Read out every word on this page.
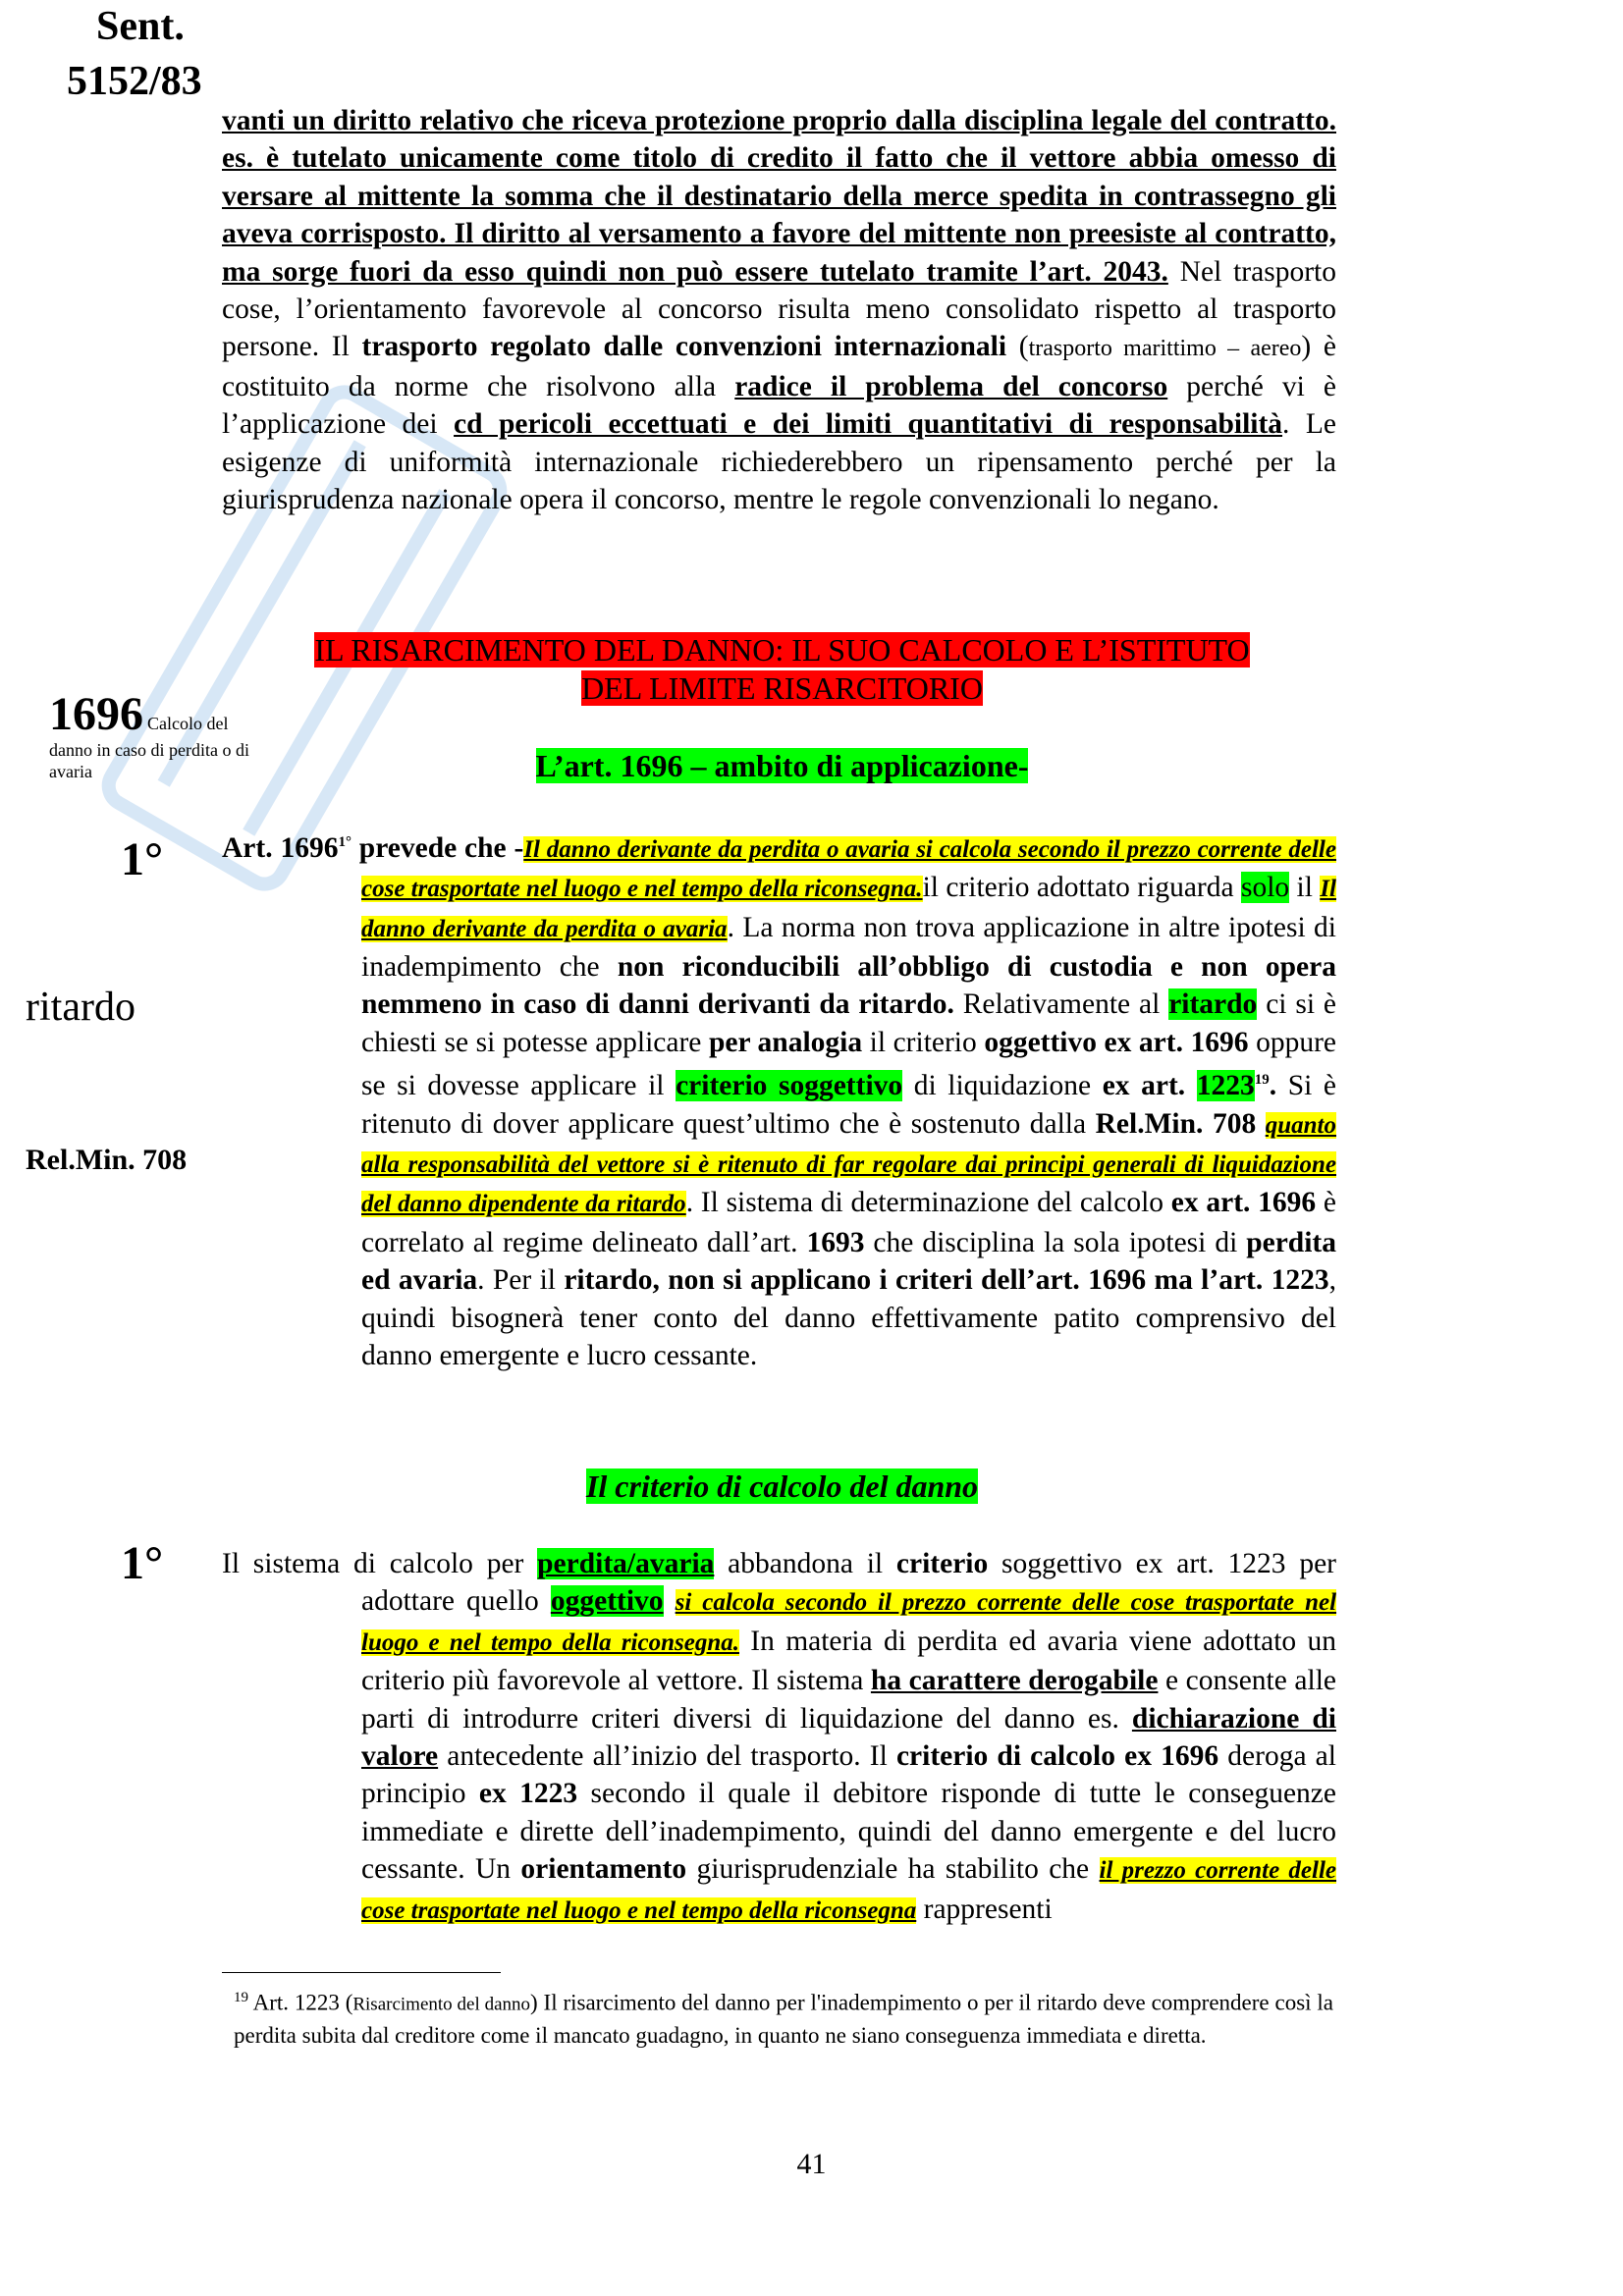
Sent.
5152/83
1696 Calcolo del
danno in caso di perdita o di avaria
1°
ritardo
Rel.Min. 708
1°

vanti un diritto relativo che riceva protezione proprio dalla disciplina legale del contratto. es. è tutelato unicamente come titolo di credito il fatto che il vettore abbia omesso di versare al mittente la somma che il destinatario della merce spedita in contrassegno gli aveva corrisposto. Il diritto al versamento a favore del mittente non preesiste al contratto, ma sorge fuori da esso quindi non può essere tutelato tramite l’art. 2043. Nel trasporto cose, l’orientamento favorevole al concorso risulta meno consolidato rispetto al trasporto persone. Il trasporto regolato dalle convenzioni internazionali (trasporto marittimo – aereo) è costituito da norme che risolvono alla radice il problema del concorso perché vi è l’applicazione dei cd pericoli eccettuati e dei limiti quantitativi di responsabilità. Le esigenze di uniformità internazionale richiederebbero un ripensamento perché per la giurisprudenza nazionale opera il concorso, mentre le regole convenzionali lo negano.

IL RISARCIMENTO DEL DANNO: IL SUO CALCOLO E L’ISTITUTO
DEL LIMITE RISARCITORIO
L’art. 1696 – ambito di applicazione-

Art. $1696^{1^\circ}$ prevede che -Il danno derivante da perdita o avaria si calcola secondo il prezzo corrente delle cose trasportate nel luogo e nel tempo della riconsegna.il criterio adottato riguarda solo il Il danno derivante da perdita o avaria. La norma non trova applicazione in altre ipotesi di inadempimento che non riconducibili all’obbligo di custodia e non opera nemmeno in caso di danni derivanti da ritardo. Relativamente al ritardo ci si è chiesti se si potesse applicare per analogia il criterio oggettivo ex art. 1696 oppure se si dovesse applicare il criterio soggettivo di liquidazione ex art. 1223$^{19}$. Si è ritenuto di dover applicare quest’ultimo che è sostenuto dalla Rel.Min. 708 quanto alla responsabilità del vettore si è ritenuto di far regolare dai principi generali di liquidazione del danno dipendente da ritardo. Il sistema di determinazione del calcolo ex art. 1696 è correlato al regime delineato dall’art. 1693 che disciplina la sola ipotesi di perdita ed avaria. Per il ritardo, non si applicano i criteri dell’art. 1696 ma l’art. 1223, quindi bisognerà tener conto del danno effettivamente patito comprensivo del danno emergente e lucro cessante.

Il criterio di calcolo del danno

Il sistema di calcolo per perdita/avaria abbandona il criterio soggettivo ex art. 1223 per adottare quello oggettivo si calcola secondo il prezzo corrente delle cose trasportate nel luogo e nel tempo della riconsegna. In materia di perdita ed avaria viene adottato un criterio più favorevole al vettore. Il sistema ha carattere derogabile e consente alle parti di introdurre criteri diversi di liquidazione del danno es. dichiarazione di valore antecedente all’inizio del trasporto. Il criterio di calcolo ex 1696 deroga al principio ex 1223 secondo il quale il debitore risponde di tutte le conseguenze immediate e dirette dell’inadempimento, quindi del danno emergente e del lucro cessante. Un orientamento giurisprudenziale ha stabilito che il prezzo corrente delle cose trasportate nel luogo e nel tempo della riconsegna rappresenti

$^{19}$ Art. 1223 (Risarcimento del danno) Il risarcimento del danno per l'inadempimento o per il ritardo deve comprendere così la perdita subita dal creditore come il mancato guadagno, in quanto ne siano conseguenza immediata e diretta.
41
